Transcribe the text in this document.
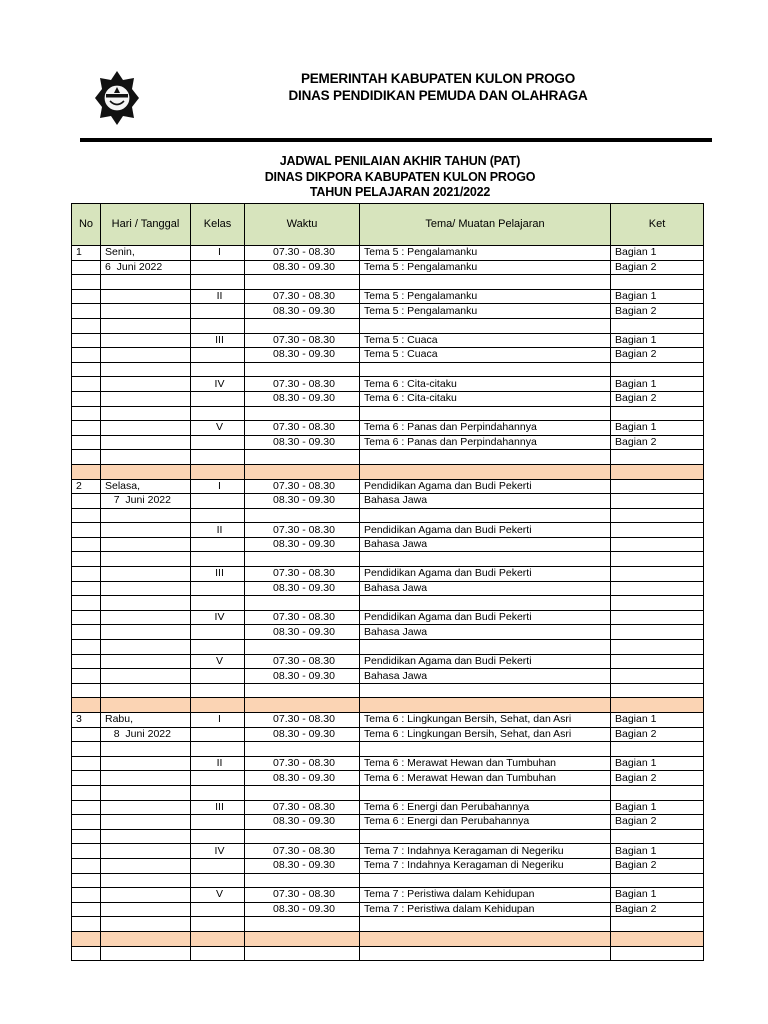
PEMERINTAH KABUPATEN KULON PROGO
DINAS PENDIDIKAN PEMUDA DAN OLAHRAGA
JADWAL PENILAIAN AKHIR TAHUN (PAT)
DINAS DIKPORA KABUPATEN KULON PROGO
TAHUN PELAJARAN 2021/2022
No	Hari / Tanggal	Kelas	Waktu	Tema/ Muatan Pelajaran	Ket
1	Senin,	I	07.30 - 08.30	Tema 5 : Pengalamanku	Bagian 1
	6  Juni 2022		08.30 - 09.30	Tema 5 : Pengalamanku	Bagian 2

		II	07.30 - 08.30	Tema 5 : Pengalamanku	Bagian 1
			08.30 - 09.30	Tema 5 : Pengalamanku	Bagian 2

		III	07.30 - 08.30	Tema 5 : Cuaca	Bagian 1
			08.30 - 09.30	Tema 5 : Cuaca	Bagian 2

		IV	07.30 - 08.30	Tema 6 : Cita-citaku	Bagian 1
			08.30 - 09.30	Tema 6 : Cita-citaku	Bagian 2

		V	07.30 - 08.30	Tema 6 : Panas dan Perpindahannya	Bagian 1
			08.30 - 09.30	Tema 6 : Panas dan Perpindahannya	Bagian 2

2	Selasa,	I	07.30 - 08.30	Pendidikan Agama dan Budi Pekerti	
	7  Juni 2022		08.30 - 09.30	Bahasa Jawa	

		II	07.30 - 08.30	Pendidikan Agama dan Budi Pekerti	
			08.30 - 09.30	Bahasa Jawa	

		III	07.30 - 08.30	Pendidikan Agama dan Budi Pekerti	
			08.30 - 09.30	Bahasa Jawa	

		IV	07.30 - 08.30	Pendidikan Agama dan Budi Pekerti	
			08.30 - 09.30	Bahasa Jawa	

		V	07.30 - 08.30	Pendidikan Agama dan Budi Pekerti	
			08.30 - 09.30	Bahasa Jawa	

3	Rabu,	I	07.30 - 08.30	Tema 6 : Lingkungan Bersih, Sehat, dan Asri	Bagian 1
	8  Juni 2022		08.30 - 09.30	Tema 6 : Lingkungan Bersih, Sehat, dan Asri	Bagian 2

		II	07.30 - 08.30	Tema 6 : Merawat Hewan dan Tumbuhan	Bagian 1
			08.30 - 09.30	Tema 6 : Merawat Hewan dan Tumbuhan	Bagian 2

		III	07.30 - 08.30	Tema 6 : Energi dan Perubahannya	Bagian 1
			08.30 - 09.30	Tema 6 : Energi dan Perubahannya	Bagian 2

		IV	07.30 - 08.30	Tema 7 : Indahnya Keragaman di Negeriku	Bagian 1
			08.30 - 09.30	Tema 7 : Indahnya Keragaman di Negeriku	Bagian 2

		V	07.30 - 08.30	Tema 7 : Peristiwa dalam Kehidupan	Bagian 1
			08.30 - 09.30	Tema 7 : Peristiwa dalam Kehidupan	Bagian 2
